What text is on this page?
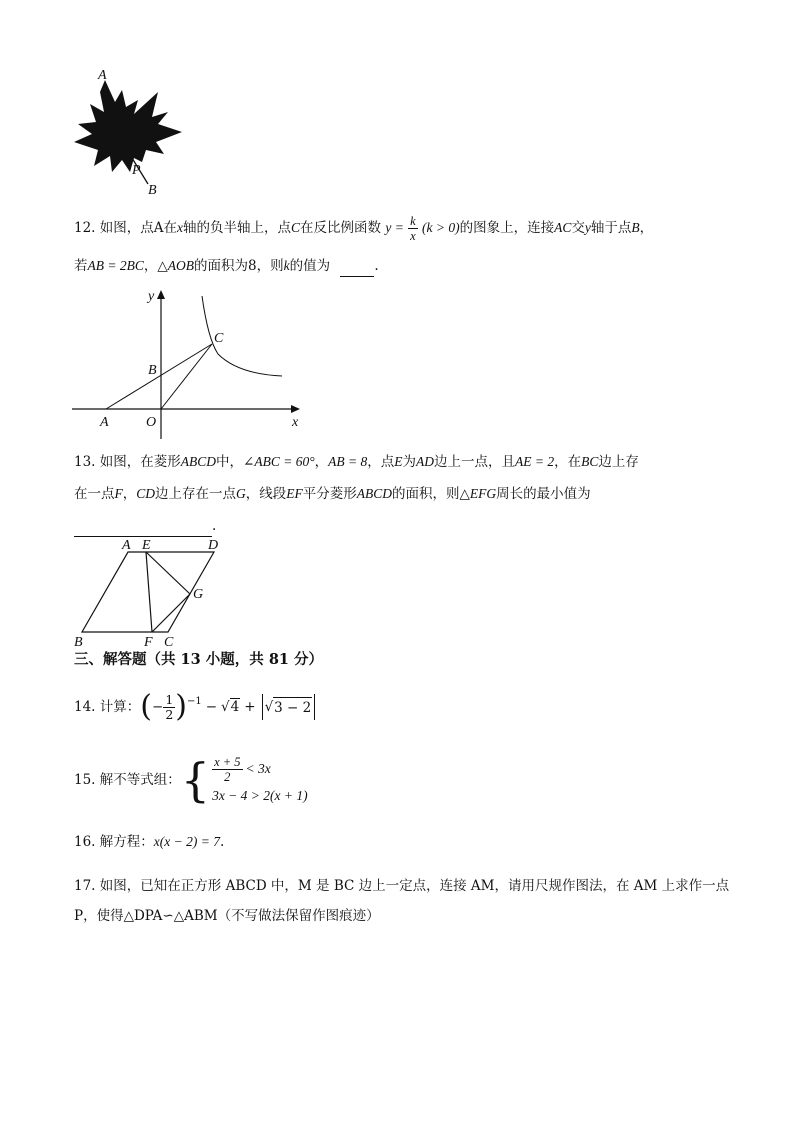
A
P
B
12. 如图，点A在x轴的负半轴上，点C在反比例函数 $y = \frac{k}{x} (k > 0)$的图象上，连接AC交y轴于点B，
若AB = 2BC，△AOB的面积为8，则k的值为	.
y
x
A	O
B
C
13. 如图，在菱形ABCD中，∠ABC = 60°，AB = 8，点E为AD边上一点，且AE = 2，在BC边上存
在一点F，CD边上存在一点G，线段EF平分菱形ABCD的面积，则△EFG周长的最小值为
.
A E	D
G
B	F C
三、解答题（共 13 小题，共 81 分）
14.
计算： ( − $\frac{1}{2} )^{-1} - √4$ + √ 3 − 2
15.
解不等式组： { $\frac{x + 5}{2} < 3x$
3x − 4 > 2(x + 1)
16. 解方程：x(x − 2) = 7.
17. 如图，已知在正方形 ABCD 中，M 是 BC 边上一定点，连接 AM，请用尺规作图法，在 AM 上求作一点
P，使得△DPA∽△ABM（不写做法保留作图痕迹）
